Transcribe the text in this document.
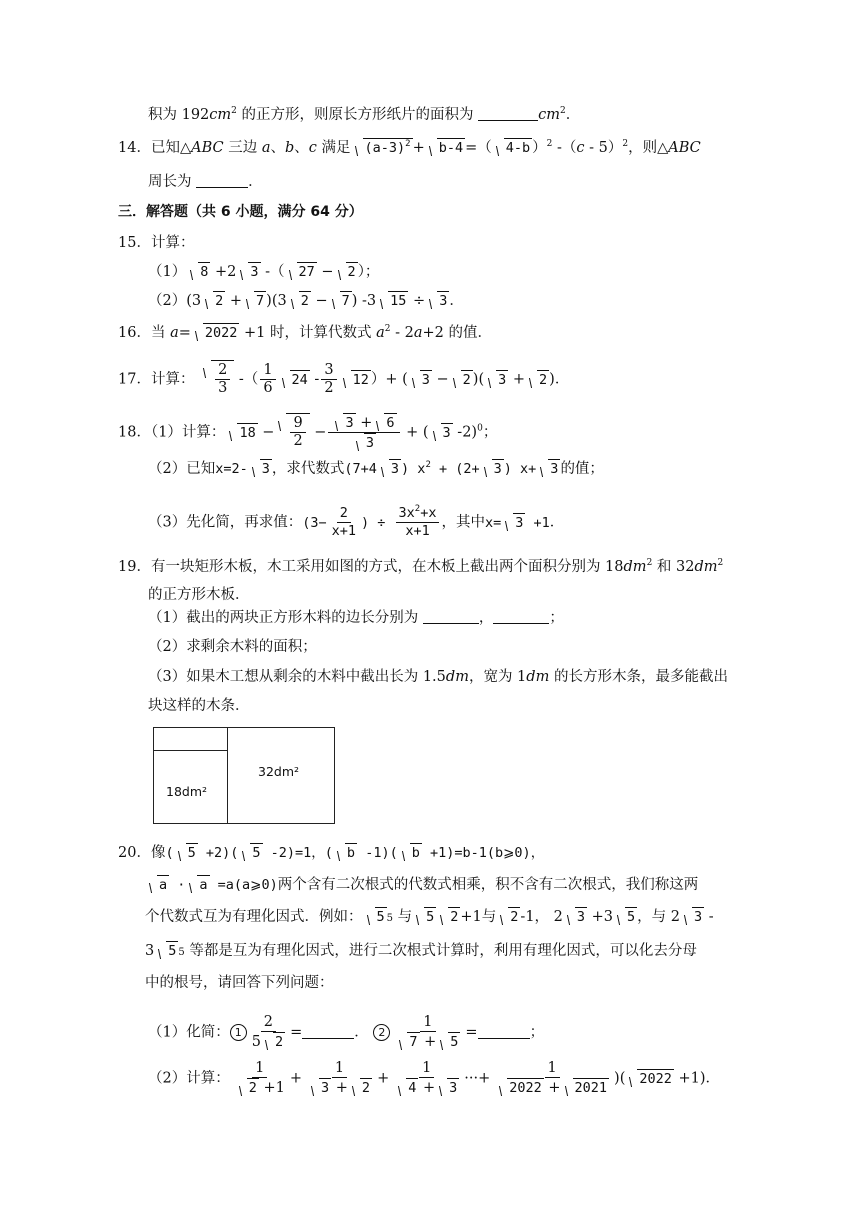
积为 $192cm^2$ 的正方形，则原长方形纸片的面积为	$cm^2$．
14．已知△ABC 三边 a、b、c 满足 $(a-3)^2 + b-4$ =（ 4-b ）$^2$ -（c - 5）$^2$，则△ABC
周长为	．
三．解答题（共 6 小题，满分 64 分）
15．计算：
（1） 8 +2 3 -（ 27 − 2 ）；
（2）(3 2 + 7 )(3 2 − 7 ) -3 15 ÷ 3 ．
16．当 a= 2022 +1 时，计算代数式 $a^2 - 2a+2$ 的值．
17．计算： $\frac{2}{3}$ -（ $\frac{1}{6} 24 - \frac{3}{2} 12$ ）+ ( 3 − 2 )( 3 + 2 )．
18．（1）计算： $18 - \frac{9}{2} - \frac{3 + 6}{3}$ + ( 3 -2)$^0$；
（2）已知x=2- 3 ，求代数式(7+4 3 ) $x^2 + (2+ 3$ ) x+ 3 的值；
（3）先化简，再求值：($3- \frac{2}{x+1}$ ) ÷ $\frac{3x^2+x}{x+1}$ ，其中x= 3 +1．
19．有一块矩形木板，木工采用如图的方式，在木板上截出两个面积分别为 $18dm^2$ 和 $32dm^2$
的正方形木板．
（1）截出的两块正方形木料的边长分别为	，	；
（2）求剩余木料的面积；
（3）如果木工想从剩余的木料中截出长为 1.5dm，宽为 1dm 的长方形木条，最多能截出
块这样的木条．
18dm²
32dm²
20．像( 5 +2)( 5 -2)=1，( b -1)( b +1)=b-1(b⩾0)，
a · a =a(a⩾0)两个含有二次根式的代数式相乘，积不含有二次根式，我们称这两
个代数式互为有理化因式．例如： 5 5 与 5 2 +1与 2 -1， 2 3 +3 5 ，与 2 3 -
3 5 5 等都是互为有理化因式，进行二次根式计算时，利用有理化因式，可以化去分母
中的根号，请回答下列问题：
（1）化简： $1 \frac{2}{5 2}$ =	． $2 \frac{1}{7 + 5}$ =	；
（2）计算： $\frac{1}{2 +1} + \frac{1}{3 + 2} + \frac{1}{4 + 3}$ ···+ $\frac{1}{2022 + 2021}$ )( 2022 +1)．
